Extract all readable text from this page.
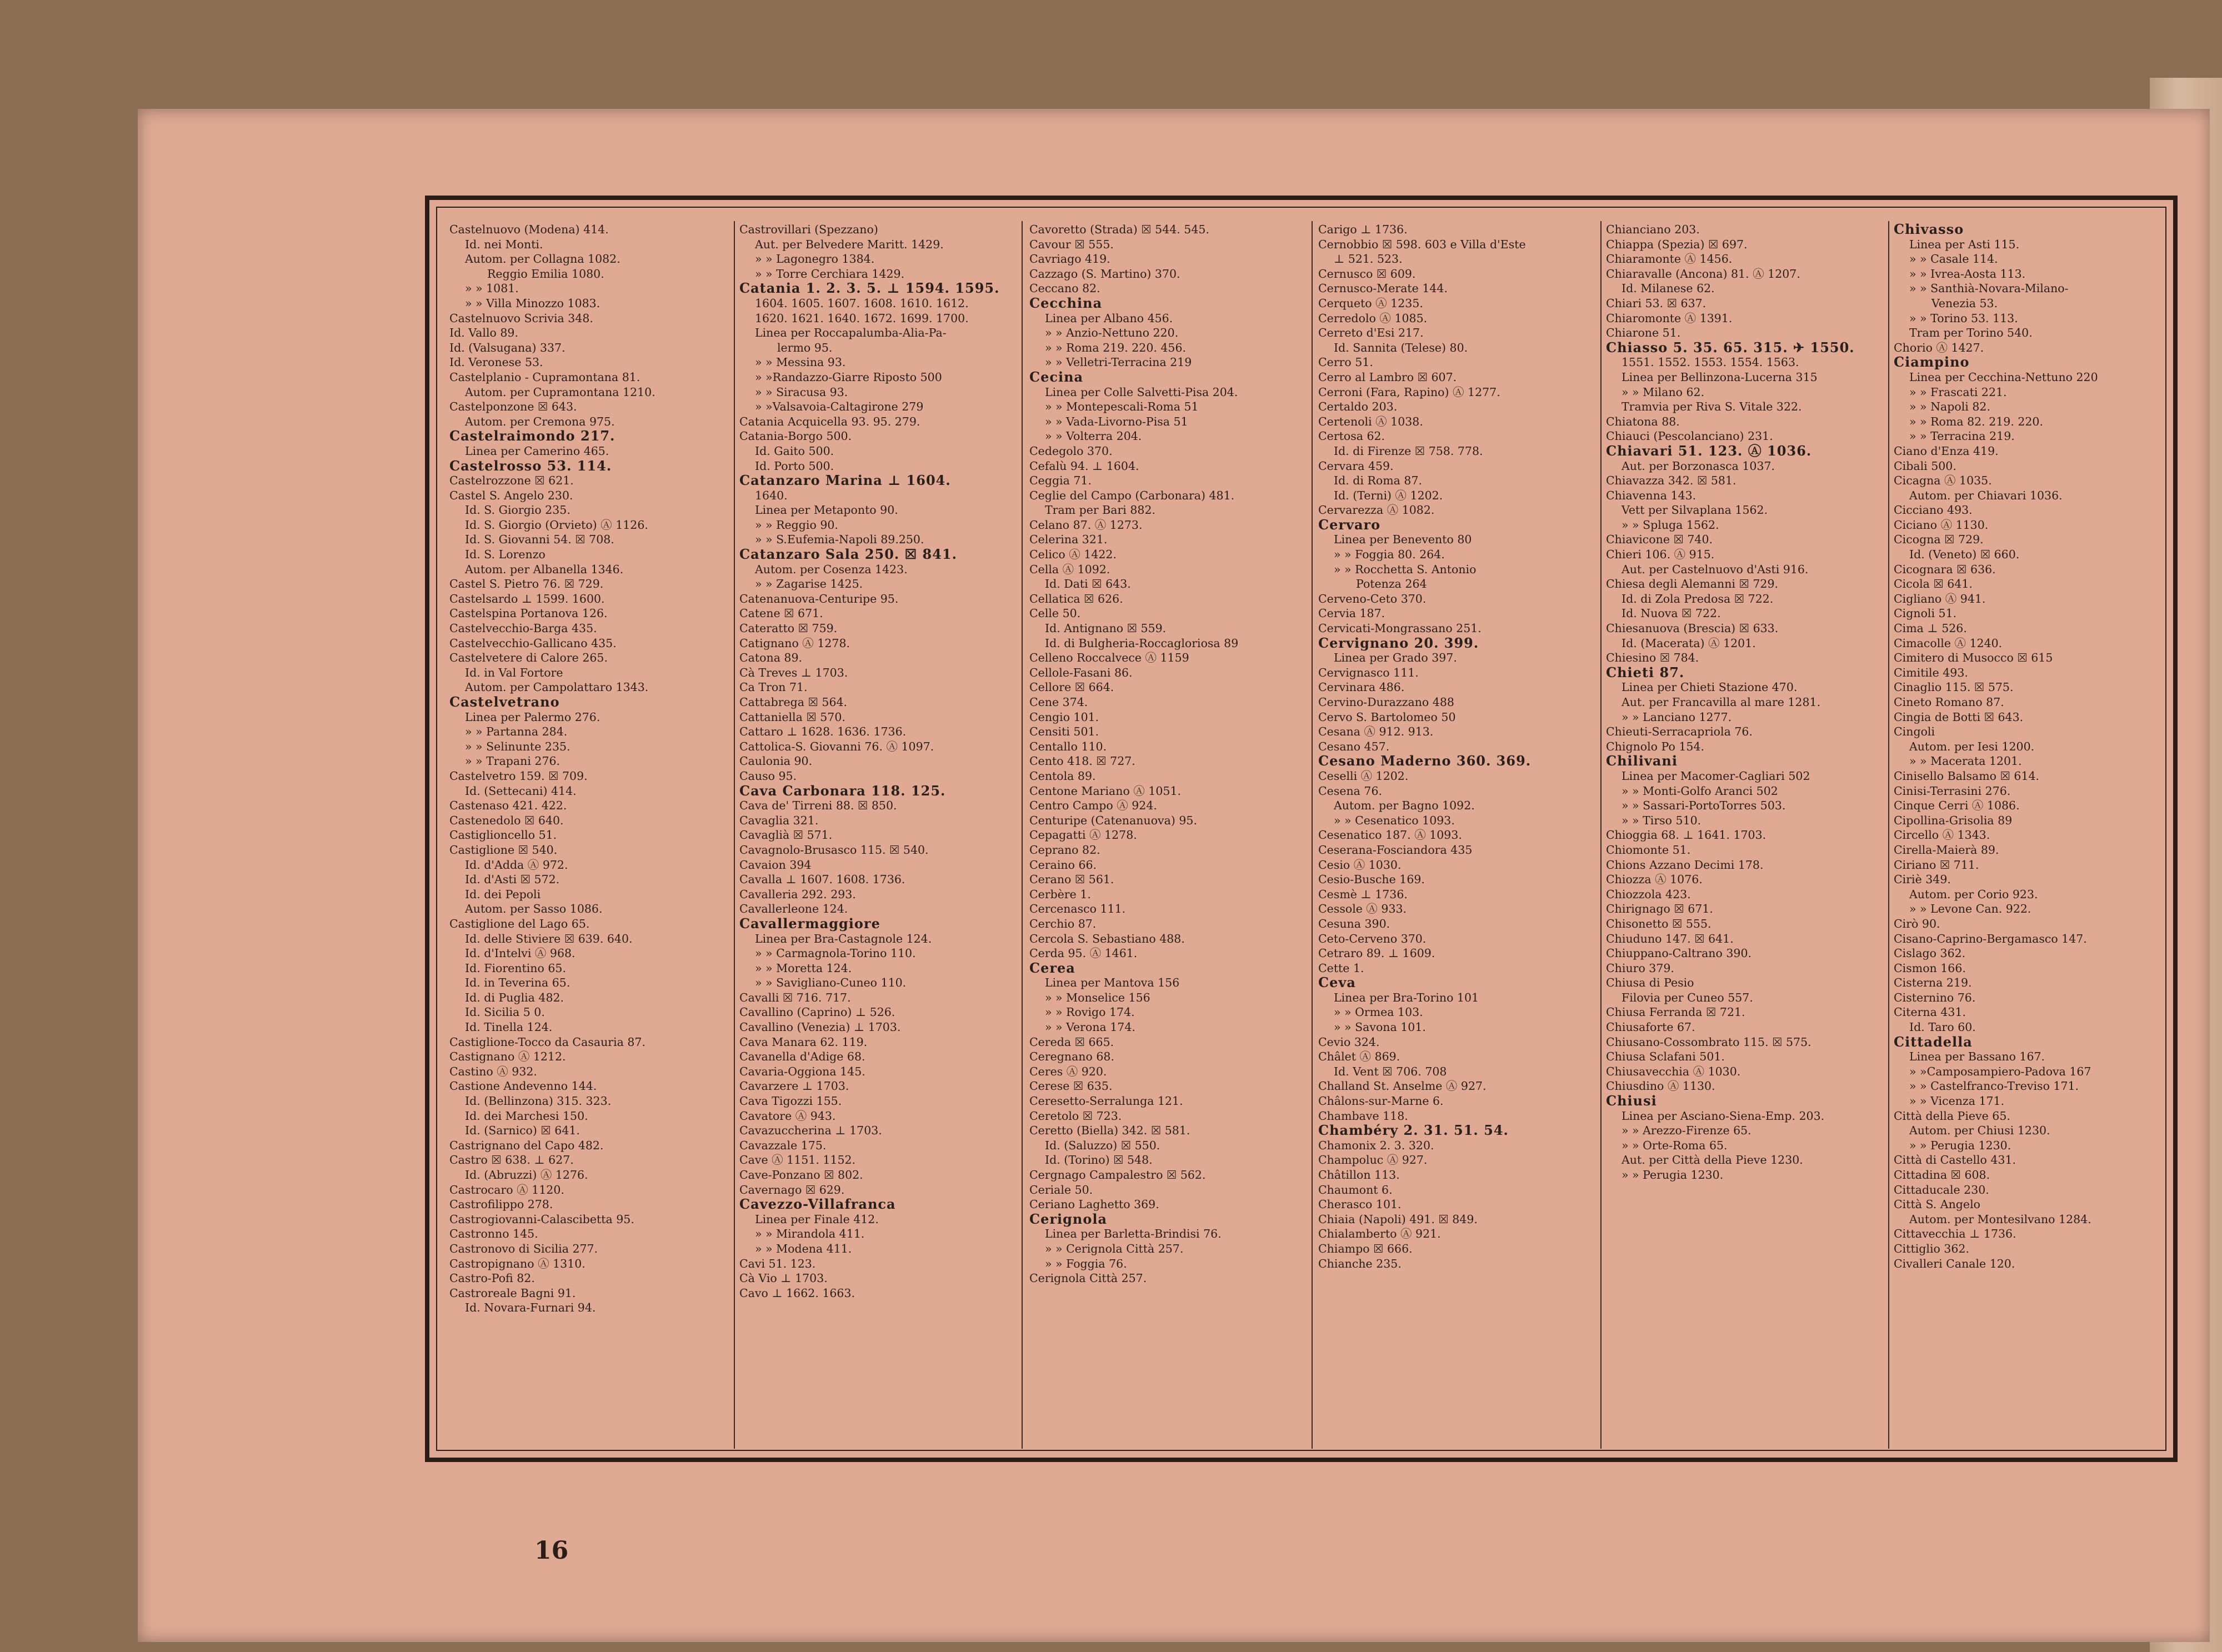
16
Castelnuovo (Modena) 414.
Id. nei Monti.
Autom. per Collagna 1082.
Reggio Emilia 1080.
» » 1081.
» » Villa Minozzo 1083.
Castelnuovo Scrivia 348.
Id. Vallo 89.
Id. (Valsugana) 337.
Id. Veronese 53.
Castelplanio - Cupramontana 81.
Autom. per Cupramontana 1210.
Castelponzone ☒ 643.
Autom. per Cremona 975.
Castelraimondo 217.
Linea per Camerino 465.
Castelrosso 53. 114.
Castelrozzone ☒ 621.
Castel S. Angelo 230.
Id. S. Giorgio 235.
Id. S. Giorgio (Orvieto) Ⓐ 1126.
Id. S. Giovanni 54. ☒ 708.
Id. S. Lorenzo
Autom. per Albanella 1346.
Castel S. Pietro 76. ☒ 729.
Castelsardo ⊥ 1599. 1600.
Castelspina Portanova 126.
Castelvecchio-Barga 435.
Castelvecchio-Gallicano 435.
Castelvetere di Calore 265.
Id. in Val Fortore
Autom. per Campolattaro 1343.
Castelvetrano
Linea per Palermo 276.
» » Partanna 284.
» » Selinunte 235.
» » Trapani 276.
Castelvetro 159. ☒ 709.
Id. (Settecani) 414.
Castenaso 421. 422.
Castenedolo ☒ 640.
Castiglioncello 51.
Castiglione ☒ 540.
Id. d'Adda Ⓐ 972.
Id. d'Asti ☒ 572.
Id. dei Pepoli
Autom. per Sasso 1086.
Castiglione del Lago 65.
Id. delle Stiviere ☒ 639. 640.
Id. d'Intelvi Ⓐ 968.
Id. Fiorentino 65.
Id. in Teverina 65.
Id. di Puglia 482.
Id. Sicilia 5 0.
Id. Tinella 124.
Castiglione-Tocco da Casauria 87.
Castignano Ⓐ 1212.
Castino Ⓐ 932.
Castione Andevenno 144.
Id. (Bellinzona) 315. 323.
Id. dei Marchesi 150.
Id. (Sarnico) ☒ 641.
Castrignano del Capo 482.
Castro ☒ 638. ⊥ 627.
Id. (Abruzzi) Ⓐ 1276.
Castrocaro Ⓐ 1120.
Castrofilippo 278.
Castrogiovanni-Calascibetta 95.
Castronno 145.
Castronovo di Sicilia 277.
Castropignano Ⓐ 1310.
Castro-Pofi 82.
Castroreale Bagni 91.
Id. Novara-Furnari 94.
Castrovillari (Spezzano)
Aut. per Belvedere Maritt. 1429.
» » Lagonegro 1384.
» » Torre Cerchiara 1429.
Catania 1. 2. 3. 5. ⊥ 1594. 1595.
1604. 1605. 1607. 1608. 1610. 1612.
1620. 1621. 1640. 1672. 1699. 1700.
Linea per Roccapalumba-Alia-Pa-
lermo 95.
» » Messina 93.
» »Randazzo-Giarre Riposto 500
» » Siracusa 93.
» »Valsavoia-Caltagirone 279
Catania Acquicella 93. 95. 279.
Catania-Borgo 500.
Id. Gaito 500.
Id. Porto 500.
Catanzaro Marina ⊥ 1604.
1640.
Linea per Metaponto 90.
» » Reggio 90.
» » S.Eufemia-Napoli 89.250.
Catanzaro Sala 250. ☒ 841.
Autom. per Cosenza 1423.
» » Zagarise 1425.
Catenanuova-Centuripe 95.
Catene ☒ 671.
Cateratto ☒ 759.
Catignano Ⓐ 1278.
Catona 89.
Cà Treves ⊥ 1703.
Ca Tron 71.
Cattabrega ☒ 564.
Cattaniella ☒ 570.
Cattaro ⊥ 1628. 1636. 1736.
Cattolica-S. Giovanni 76. Ⓐ 1097.
Caulonia 90.
Causo 95.
Cava Carbonara 118. 125.
Cava de' Tirreni 88. ☒ 850.
Cavaglia 321.
Cavaglià ☒ 571.
Cavagnolo-Brusasco 115. ☒ 540.
Cavaion 394
Cavalla ⊥ 1607. 1608. 1736.
Cavalleria 292. 293.
Cavallerleone 124.
Cavallermaggiore
Linea per Bra-Castagnole 124.
» » Carmagnola-Torino 110.
» » Moretta 124.
» » Savigliano-Cuneo 110.
Cavalli ☒ 716. 717.
Cavallino (Caprino) ⊥ 526.
Cavallino (Venezia) ⊥ 1703.
Cava Manara 62. 119.
Cavanella d'Adige 68.
Cavaria-Oggiona 145.
Cavarzere ⊥ 1703.
Cava Tigozzi 155.
Cavatore Ⓐ 943.
Cavazuccherina ⊥ 1703.
Cavazzale 175.
Cave Ⓐ 1151. 1152.
Cave-Ponzano ☒ 802.
Cavernago ☒ 629.
Cavezzo-Villafranca
Linea per Finale 412.
» » Mirandola 411.
» » Modena 411.
Cavi 51. 123.
Cà Vio ⊥ 1703.
Cavo ⊥ 1662. 1663.
Cavoretto (Strada) ☒ 544. 545.
Cavour ☒ 555.
Cavriago 419.
Cazzago (S. Martino) 370.
Ceccano 82.
Cecchina
Linea per Albano 456.
» » Anzio-Nettuno 220.
» » Roma 219. 220. 456.
» » Velletri-Terracina 219
Cecina
Linea per Colle Salvetti-Pisa 204.
» » Montepescali-Roma 51
» » Vada-Livorno-Pisa 51
» » Volterra 204.
Cedegolo 370.
Cefalù 94. ⊥ 1604.
Ceggia 71.
Ceglie del Campo (Carbonara) 481.
Tram per Bari 882.
Celano 87. Ⓐ 1273.
Celerina 321.
Celico Ⓐ 1422.
Cella Ⓐ 1092.
Id. Dati ☒ 643.
Cellatica ☒ 626.
Celle 50.
Id. Antignano ☒ 559.
Id. di Bulgheria-Roccagloriosa 89
Celleno Roccalvece Ⓐ 1159
Cellole-Fasani 86.
Cellore ☒ 664.
Cene 374.
Cengio 101.
Censiti 501.
Centallo 110.
Cento 418. ☒ 727.
Centola 89.
Centone Mariano Ⓐ 1051.
Centro Campo Ⓐ 924.
Centuripe (Catenanuova) 95.
Cepagatti Ⓐ 1278.
Ceprano 82.
Ceraino 66.
Cerano ☒ 561.
Cerbère 1.
Cercenasco 111.
Cerchio 87.
Cercola S. Sebastiano 488.
Cerda 95. Ⓐ 1461.
Cerea
Linea per Mantova 156
» » Monselice 156
» » Rovigo 174.
» » Verona 174.
Cereda ☒ 665.
Ceregnano 68.
Ceres Ⓐ 920.
Cerese ☒ 635.
Ceresetto-Serralunga 121.
Ceretolo ☒ 723.
Ceretto (Biella) 342. ☒ 581.
Id. (Saluzzo) ☒ 550.
Id. (Torino) ☒ 548.
Cergnago Campalestro ☒ 562.
Ceriale 50.
Ceriano Laghetto 369.
Cerignola
Linea per Barletta-Brindisi 76.
» » Cerignola Città 257.
» » Foggia 76.
Cerignola Città 257.
Carigo ⊥ 1736.
Cernobbio ☒ 598. 603 e Villa d'Este
⊥ 521. 523.
Cernusco ☒ 609.
Cernusco-Merate 144.
Cerqueto Ⓐ 1235.
Cerredolo Ⓐ 1085.
Cerreto d'Esi 217.
Id. Sannita (Telese) 80.
Cerro 51.
Cerro al Lambro ☒ 607.
Cerroni (Fara, Rapino) Ⓐ 1277.
Certaldo 203.
Certenoli Ⓐ 1038.
Certosa 62.
Id. di Firenze ☒ 758. 778.
Cervara 459.
Id. di Roma 87.
Id. (Terni) Ⓐ 1202.
Cervarezza Ⓐ 1082.
Cervaro
Linea per Benevento 80
» » Foggia 80. 264.
» » Rocchetta S. Antonio
Potenza 264
Cerveno-Ceto 370.
Cervia 187.
Cervicati-Mongrassano 251.
Cervignano 20. 399.
Linea per Grado 397.
Cervignasco 111.
Cervinara 486.
Cervino-Durazzano 488
Cervo S. Bartolomeo 50
Cesana Ⓐ 912. 913.
Cesano 457.
Cesano Maderno 360. 369.
Ceselli Ⓐ 1202.
Cesena 76.
Autom. per Bagno 1092.
» » Cesenatico 1093.
Cesenatico 187. Ⓐ 1093.
Ceserana-Fosciandora 435
Cesio Ⓐ 1030.
Cesio-Busche 169.
Cesmè ⊥ 1736.
Cessole Ⓐ 933.
Cesuna 390.
Ceto-Cerveno 370.
Cetraro 89. ⊥ 1609.
Cette 1.
Ceva
Linea per Bra-Torino 101
» » Ormea 103.
» » Savona 101.
Cevio 324.
Châlet Ⓐ 869.
Id. Vent ☒ 706. 708
Challand St. Anselme Ⓐ 927.
Châlons-sur-Marne 6.
Chambave 118.
Chambéry 2. 31. 51. 54.
Chamonix 2. 3. 320.
Champoluc Ⓐ 927.
Châtillon 113.
Chaumont 6.
Cherasco 101.
Chiaia (Napoli) 491. ☒ 849.
Chialamberto Ⓐ 921.
Chiampo ☒ 666.
Chianche 235.
Chianciano 203.
Chiappa (Spezia) ☒ 697.
Chiaramonte Ⓐ 1456.
Chiaravalle (Ancona) 81. Ⓐ 1207.
Id. Milanese 62.
Chiari 53. ☒ 637.
Chiaromonte Ⓐ 1391.
Chiarone 51.
Chiasso 5. 35. 65. 315. ✈ 1550.
1551. 1552. 1553. 1554. 1563.
Linea per Bellinzona-Lucerna 315
» » Milano 62.
Tramvia per Riva S. Vitale 322.
Chiatona 88.
Chiauci (Pescolanciano) 231.
Chiavari 51. 123. Ⓐ 1036.
Aut. per Borzonasca 1037.
Chiavazza 342. ☒ 581.
Chiavenna 143.
Vett per Silvaplana 1562.
» » Spluga 1562.
Chiavicone ☒ 740.
Chieri 106. Ⓐ 915.
Aut. per Castelnuovo d'Asti 916.
Chiesa degli Alemanni ☒ 729.
Id. di Zola Predosa ☒ 722.
Id. Nuova ☒ 722.
Chiesanuova (Brescia) ☒ 633.
Id. (Macerata) Ⓐ 1201.
Chiesino ☒ 784.
Chieti 87.
Linea per Chieti Stazione 470.
Aut. per Francavilla al mare 1281.
» » Lanciano 1277.
Chieuti-Serracapriola 76.
Chignolo Po 154.
Chilivani
Linea per Macomer-Cagliari 502
» » Monti-Golfo Aranci 502
» » Sassari-PortoTorres 503.
» » Tirso 510.
Chioggia 68. ⊥ 1641. 1703.
Chiomonte 51.
Chions Azzano Decimi 178.
Chiozza Ⓐ 1076.
Chiozzola 423.
Chirignago ☒ 671.
Chisonetto ☒ 555.
Chiuduno 147. ☒ 641.
Chiuppano-Caltrano 390.
Chiuro 379.
Chiusa di Pesio
Filovia per Cuneo 557.
Chiusa Ferranda ☒ 721.
Chiusaforte 67.
Chiusano-Cossombrato 115. ☒ 575.
Chiusa Sclafani 501.
Chiusavecchia Ⓐ 1030.
Chiusdino Ⓐ 1130.
Chiusi
Linea per Asciano-Siena-Emp. 203.
» » Arezzo-Firenze 65.
» » Orte-Roma 65.
Aut. per Città della Pieve 1230.
» » Perugia 1230.
Chivasso
Linea per Asti 115.
» » Casale 114.
» » Ivrea-Aosta 113.
» » Santhià-Novara-Milano-
Venezia 53.
» » Torino 53. 113.
Tram per Torino 540.
Chorio Ⓐ 1427.
Ciampino
Linea per Cecchina-Nettuno 220
» » Frascati 221.
» » Napoli 82.
» » Roma 82. 219. 220.
» » Terracina 219.
Ciano d'Enza 419.
Cibali 500.
Cicagna Ⓐ 1035.
Autom. per Chiavari 1036.
Cicciano 493.
Ciciano Ⓐ 1130.
Cicogna ☒ 729.
Id. (Veneto) ☒ 660.
Cicognara ☒ 636.
Cicola ☒ 641.
Cigliano Ⓐ 941.
Cignoli 51.
Cima ⊥ 526.
Cimacolle Ⓐ 1240.
Cimitero di Musocco ☒ 615
Cimitile 493.
Cinaglio 115. ☒ 575.
Cineto Romano 87.
Cingia de Botti ☒ 643.
Cingoli
Autom. per Iesi 1200.
» » Macerata 1201.
Cinisello Balsamo ☒ 614.
Cinisi-Terrasini 276.
Cinque Cerri Ⓐ 1086.
Cipollina-Grisolia 89
Circello Ⓐ 1343.
Cirella-Maierà 89.
Ciriano ☒ 711.
Ciriè 349.
Autom. per Corio 923.
» » Levone Can. 922.
Cirò 90.
Cisano-Caprino-Bergamasco 147.
Cislago 362.
Cismon 166.
Cisterna 219.
Cisternino 76.
Citerna 431.
Id. Taro 60.
Cittadella
Linea per Bassano 167.
» »Camposampiero-Padova 167
» » Castelfranco-Treviso 171.
» » Vicenza 171.
Città della Pieve 65.
Autom. per Chiusi 1230.
» » Perugia 1230.
Città di Castello 431.
Cittadina ☒ 608.
Cittaducale 230.
Città S. Angelo
Autom. per Montesilvano 1284.
Cittavecchia ⊥ 1736.
Cittiglio 362.
Civalleri Canale 120.
